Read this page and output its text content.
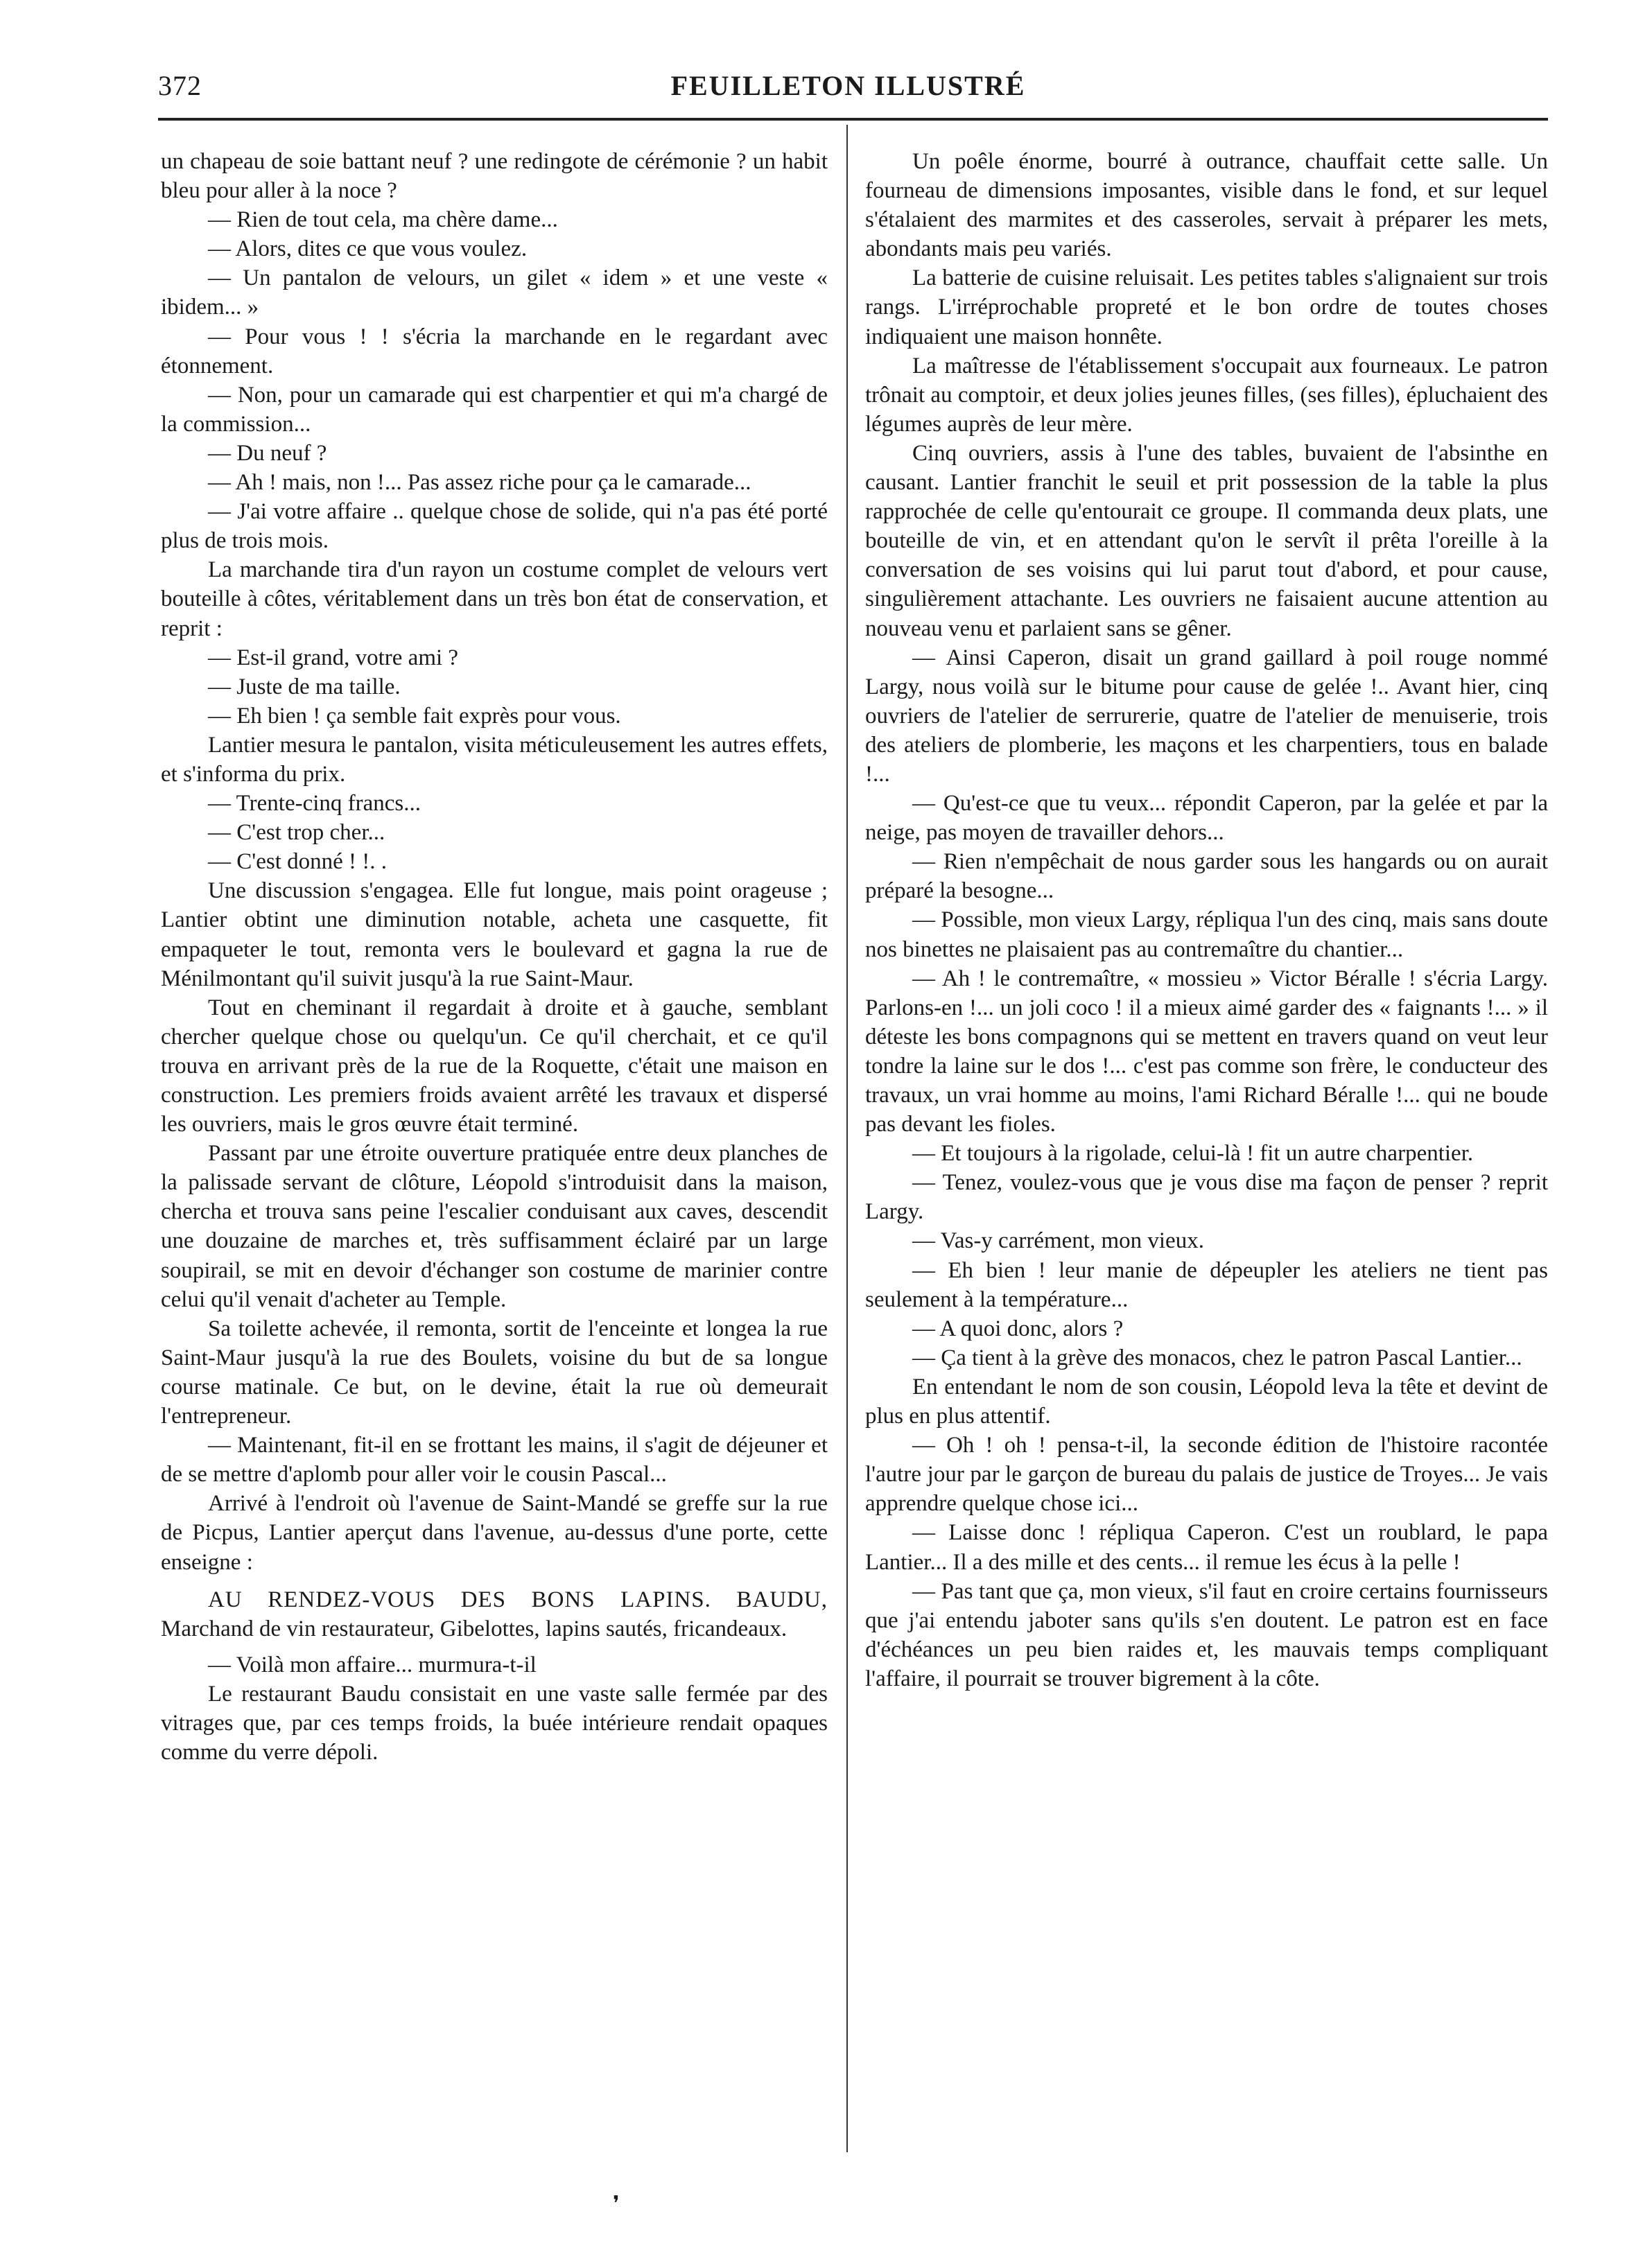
372	FEUILLETON ILLUSTRÉ

un chapeau de soie battant neuf ? une redingote de cérémonie ? un habit bleu pour aller à la noce ?

— Rien de tout cela, ma chère dame...

— Alors, dites ce que vous voulez.

— Un pantalon de velours, un gilet « idem » et une veste « ibidem... »

— Pour vous ! ! s'écria la marchande en le regardant avec étonnement.

— Non, pour un camarade qui est charpentier et qui m'a chargé de la commission...

— Du neuf ?

— Ah ! mais, non !... Pas assez riche pour ça le camarade...

— J'ai votre affaire .. quelque chose de solide, qui n'a pas été porté plus de trois mois.

La marchande tira d'un rayon un costume complet de velours vert bouteille à côtes, véritablement dans un très bon état de conservation, et reprit :

— Est-il grand, votre ami ?

— Juste de ma taille.

— Eh bien ! ça semble fait exprès pour vous.

Lantier mesura le pantalon, visita méticuleusement les autres effets, et s'informa du prix.

— Trente-cinq francs...

— C'est trop cher...

— C'est donné ! !. .

Une discussion s'engagea. Elle fut longue, mais point orageuse ; Lantier obtint une diminution notable, acheta une casquette, fit empaqueter le tout, remonta vers le boulevard et gagna la rue de Ménilmontant qu'il suivit jusqu'à la rue Saint-Maur.

Tout en cheminant il regardait à droite et à gauche, semblant chercher quelque chose ou quelqu'un. Ce qu'il cherchait, et ce qu'il trouva en arrivant près de la rue de la Roquette, c'était une maison en construction. Les premiers froids avaient arrêté les travaux et dispersé les ouvriers, mais le gros œuvre était terminé.

Passant par une étroite ouverture pratiquée entre deux planches de la palissade servant de clôture, Léopold s'introduisit dans la maison, chercha et trouva sans peine l'escalier conduisant aux caves, descendit une douzaine de marches et, très suffisamment éclairé par un large soupirail, se mit en devoir d'échanger son costume de marinier contre celui qu'il venait d'acheter au Temple.

Sa toilette achevée, il remonta, sortit de l'enceinte et longea la rue Saint-Maur jusqu'à la rue des Boulets, voisine du but de sa longue course matinale. Ce but, on le devine, était la rue où demeurait l'entrepreneur.

— Maintenant, fit-il en se frottant les mains, il s'agit de déjeuner et de se mettre d'aplomb pour aller voir le cousin Pascal...

Arrivé à l'endroit où l'avenue de Saint-Mandé se greffe sur la rue de Picpus, Lantier aperçut dans l'avenue, au-dessus d'une porte, cette enseigne :

AU RENDEZ-VOUS DES BONS LAPINS. BAUDU, Marchand de vin restaurateur, Gibelottes, lapins sautés, fricandeaux.

— Voilà mon affaire... murmura-t-il

Le restaurant Baudu consistait en une vaste salle fermée par des vitrages que, par ces temps froids, la buée intérieure rendait opaques comme du verre dépoli.

Un poêle énorme, bourré à outrance, chauffait cette salle. Un fourneau de dimensions imposantes, visible dans le fond, et sur lequel s'étalaient des marmites et des casseroles, servait à préparer les mets, abondants mais peu variés.

La batterie de cuisine reluisait. Les petites tables s'alignaient sur trois rangs. L'irréprochable propreté et le bon ordre de toutes choses indiquaient une maison honnête.

La maîtresse de l'établissement s'occupait aux fourneaux. Le patron trônait au comptoir, et deux jolies jeunes filles, (ses filles), épluchaient des légumes auprès de leur mère.

Cinq ouvriers, assis à l'une des tables, buvaient de l'absinthe en causant. Lantier franchit le seuil et prit possession de la table la plus rapprochée de celle qu'entourait ce groupe. Il commanda deux plats, une bouteille de vin, et en attendant qu'on le servît il prêta l'oreille à la conversation de ses voisins qui lui parut tout d'abord, et pour cause, singulièrement attachante. Les ouvriers ne faisaient aucune attention au nouveau venu et parlaient sans se gêner.

— Ainsi Caperon, disait un grand gaillard à poil rouge nommé Largy, nous voilà sur le bitume pour cause de gelée !.. Avant hier, cinq ouvriers de l'atelier de serrurerie, quatre de l'atelier de menuiserie, trois des ateliers de plomberie, les maçons et les charpentiers, tous en balade !...

— Qu'est-ce que tu veux... répondit Caperon, par la gelée et par la neige, pas moyen de travailler dehors...

— Rien n'empêchait de nous garder sous les hangards ou on aurait préparé la besogne...

— Possible, mon vieux Largy, répliqua l'un des cinq, mais sans doute nos binettes ne plaisaient pas au contremaître du chantier...

— Ah ! le contremaître, « mossieu » Victor Béralle ! s'écria Largy. Parlons-en !... un joli coco ! il a mieux aimé garder des « faignants !... » il déteste les bons compagnons qui se mettent en travers quand on veut leur tondre la laine sur le dos !... c'est pas comme son frère, le conducteur des travaux, un vrai homme au moins, l'ami Richard Béralle !... qui ne boude pas devant les fioles.

— Et toujours à la rigolade, celui-là ! fit un autre charpentier.

— Tenez, voulez-vous que je vous dise ma façon de penser ? reprit Largy.

— Vas-y carrément, mon vieux.

— Eh bien ! leur manie de dépeupler les ateliers ne tient pas seulement à la température...

— A quoi donc, alors ?

— Ça tient à la grève des monacos, chez le patron Pascal Lantier...

En entendant le nom de son cousin, Léopold leva la tête et devint de plus en plus attentif.

— Oh ! oh ! pensa-t-il, la seconde édition de l'histoire racontée l'autre jour par le garçon de bureau du palais de justice de Troyes... Je vais apprendre quelque chose ici...

— Laisse donc ! répliqua Caperon. C'est un roublard, le papa Lantier... Il a des mille et des cents... il remue les écus à la pelle !

— Pas tant que ça, mon vieux, s'il faut en croire certains fournisseurs que j'ai entendu jaboter sans qu'ils s'en doutent. Le patron est en face d'échéances un peu bien raides et, les mauvais temps compliquant l'affaire, il pourrait se trouver bigrement à la côte.

❜
